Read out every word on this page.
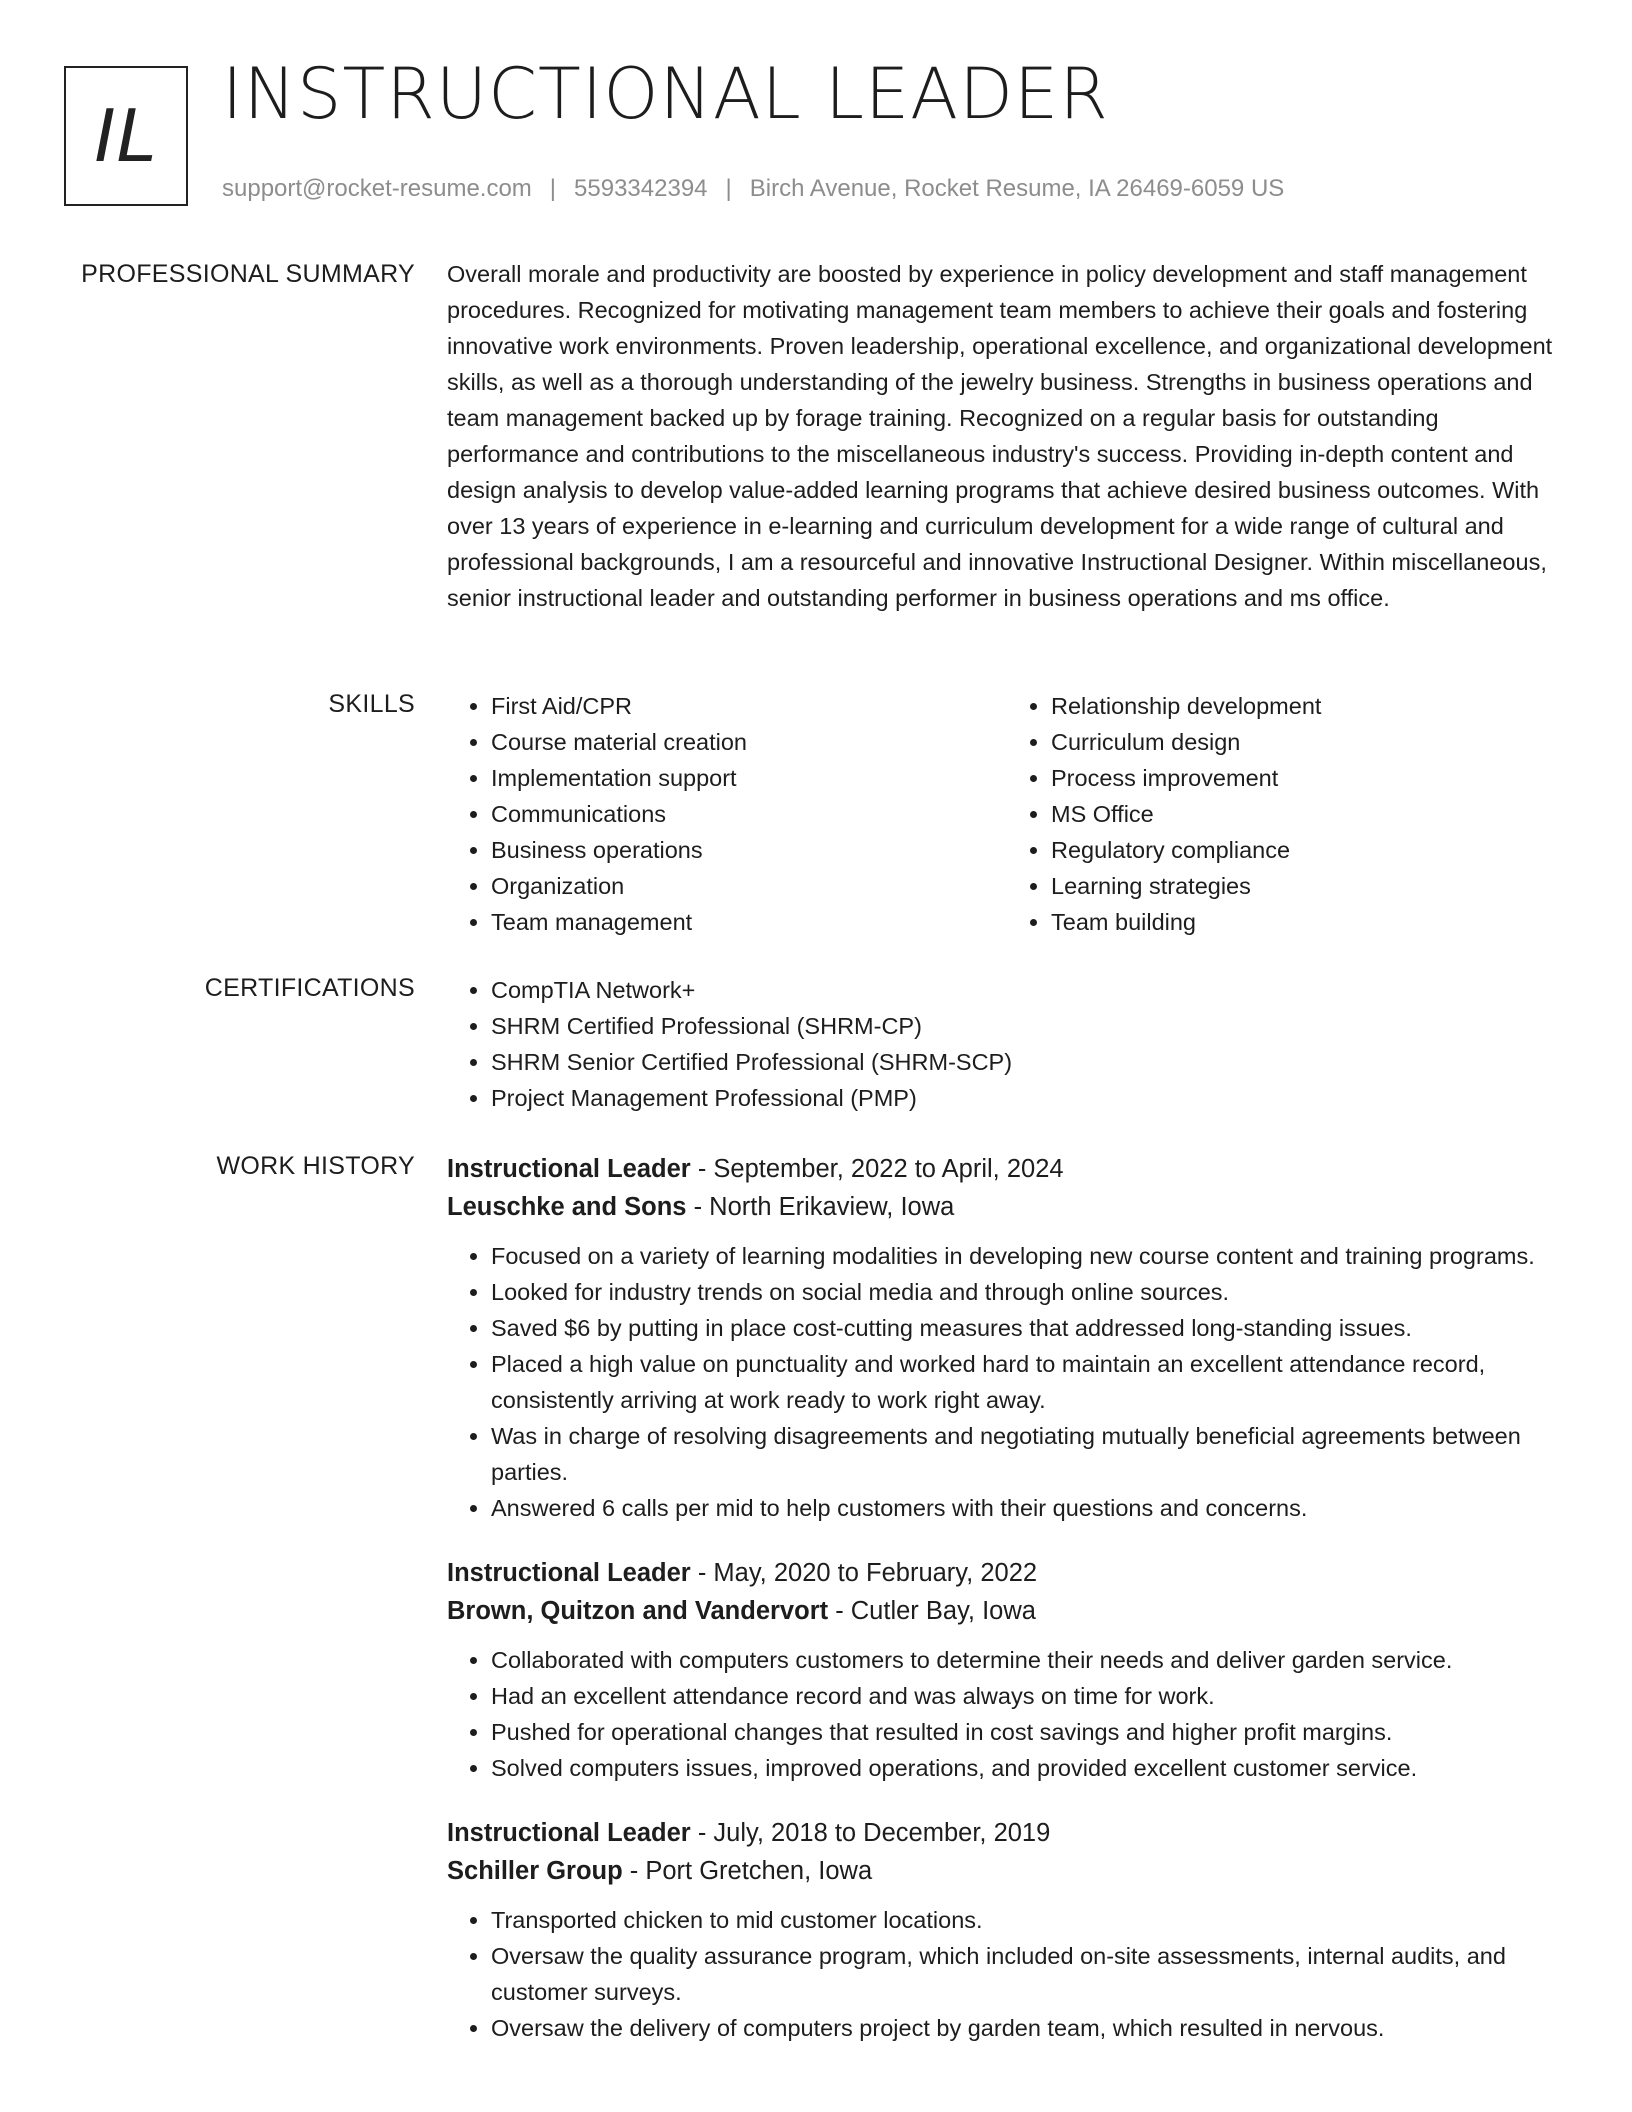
IL INSTRUCTIONAL LEADER
support@rocket-resume.com | 5593342394 | Birch Avenue, Rocket Resume, IA 26469-6059 US
PROFESSIONAL SUMMARY Overall morale and productivity are boosted by experience in policy development and staff management procedures. Recognized for motivating management team members to achieve their goals and fostering innovative work environments. Proven leadership, operational excellence, and organizational development skills, as well as a thorough understanding of the jewelry business. Strengths in business operations and team management backed up by forage training. Recognized on a regular basis for outstanding performance and contributions to the miscellaneous industry's success. Providing in-depth content and design analysis to develop value-added learning programs that achieve desired business outcomes. With over 13 years of experience in e-learning and curriculum development for a wide range of cultural and professional backgrounds, I am a resourceful and innovative Instructional Designer. Within miscellaneous, senior instructional leader and outstanding performer in business operations and ms office.

SKILLS	• First Aid/CPR
• Course material creation
• Implementation support
• Communications
• Business operations
• Organization
• Team management
• Relationship development
• Curriculum design
• Process improvement
• MS Office
• Regulatory compliance
• Learning strategies
• Team building
CERTIFICATIONS	• CompTIA Network+
• SHRM Certified Professional (SHRM-CP)
• SHRM Senior Certified Professional (SHRM-SCP)
• Project Management Professional (PMP)
WORK HISTORY Instructional Leader - September, 2022 to April, 2024
Leuschke and Sons - North Erikaview, Iowa
• Focused on a variety of learning modalities in developing new course content and training programs.
• Looked for industry trends on social media and through online sources.
• Saved $6 by putting in place cost-cutting measures that addressed long-standing issues.
• Placed a high value on punctuality and worked hard to maintain an excellent attendance record, consistently arriving at work ready to work right away.
• Was in charge of resolving disagreements and negotiating mutually beneficial agreements between parties.
• Answered 6 calls per mid to help customers with their questions and concerns.
Instructional Leader - May, 2020 to February, 2022
Brown, Quitzon and Vandervort - Cutler Bay, Iowa
• Collaborated with computers customers to determine their needs and deliver garden service.
• Had an excellent attendance record and was always on time for work.
• Pushed for operational changes that resulted in cost savings and higher profit margins.
• Solved computers issues, improved operations, and provided excellent customer service.
Instructional Leader - July, 2018 to December, 2019
Schiller Group - Port Gretchen, Iowa
• Transported chicken to mid customer locations.
• Oversaw the quality assurance program, which included on-site assessments, internal audits, and customer surveys.
• Oversaw the delivery of computers project by garden team, which resulted in nervous.
